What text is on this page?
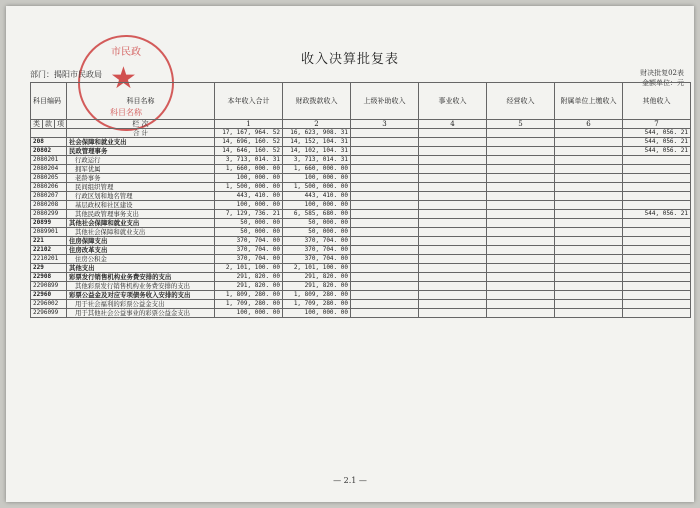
市民政
★
科目名称
收入决算批复表
部门：揭阳市民政局	财决批复02表
金额单位：元
科目编码			科目名称	本年收入合计	财政拨款收入	上级补助收入	事业收入	经营收入	附属单位上缴收入	其他收入
类	款	项	栏 次	1	2	3	4	5	6	7
			合 计	17, 167, 964. 52	16, 623, 908. 31					544, 056. 21
208			社会保障和就业支出	14, 696, 160. 52	14, 152, 104. 31					544, 056. 21
20802			民政管理事务	14, 646, 160. 52	14, 102, 104. 31					544, 056. 21
2080201			行政运行	3, 713, 014. 31	3, 713, 014. 31					
2080204			拥军优属	1, 660, 000. 00	1, 660, 000. 00					
2080205			老龄事务	100, 000. 00	100, 000. 00					
2080206			民间组织管理	1, 500, 000. 00	1, 500, 000. 00					
2080207			行政区划和地名管理	443, 410. 00	443, 410. 00					
2080208			基层政权和社区建设	100, 000. 00	100, 000. 00					
2080299			其他民政管理事务支出	7, 129, 736. 21	6, 585, 680. 00					544, 056. 21
20899			其他社会保障和就业支出	50, 000. 00	50, 000. 00					
2089901			其他社会保障和就业支出	50, 000. 00	50, 000. 00					
221			住房保障支出	370, 704. 00	370, 704. 00					
22102			住房改革支出	370, 704. 00	370, 704. 00					
2210201			住房公积金	370, 704. 00	370, 704. 00					
229			其他支出	2, 101, 100. 00	2, 101, 100. 00					
22908			彩票发行销售机构业务费安排的支出	291, 820. 00	291, 820. 00					
2290899			其他彩票发行销售机构业务费安排的支出	291, 820. 00	291, 820. 00					
22960			彩票公益金及对应专项债务收入安排的支出	1, 809, 280. 00	1, 809, 280. 00					
2296002			用于社会福利的彩票公益金支出	1, 709, 280. 00	1, 709, 280. 00					
2296099			用于其他社会公益事业的彩票公益金支出	100, 000. 00	100, 000. 00					
— 2.1 —
